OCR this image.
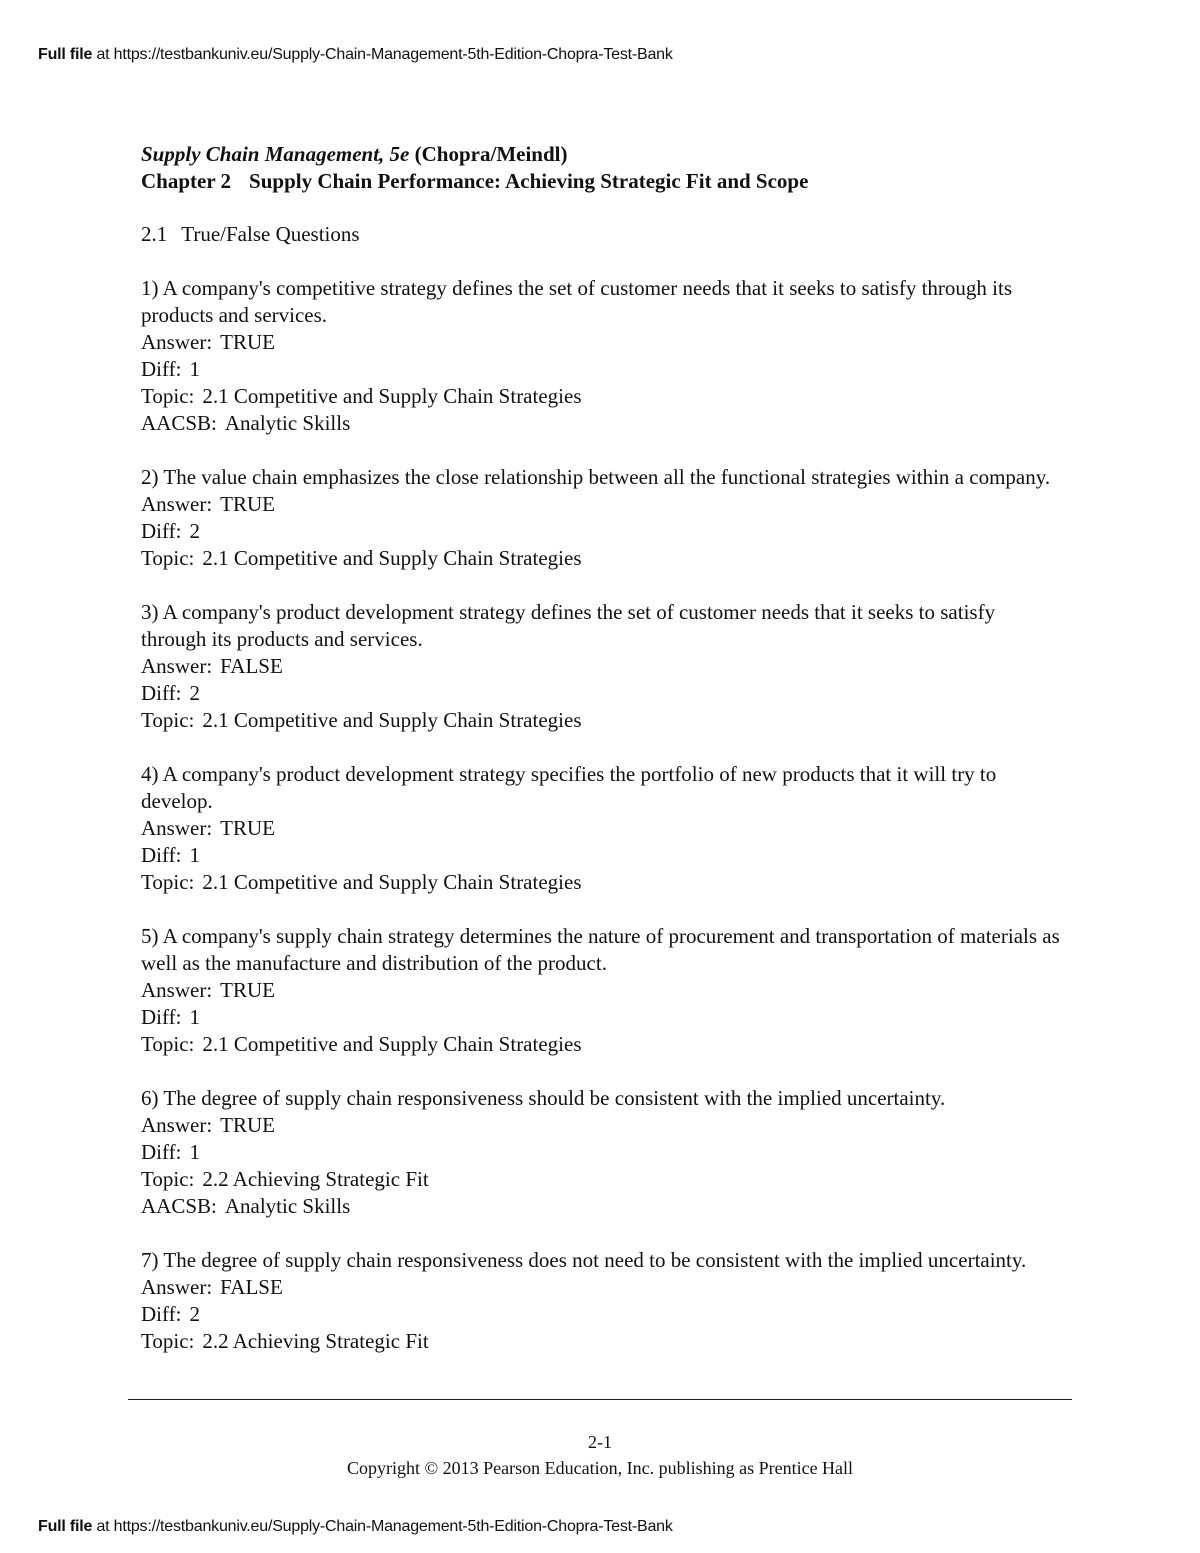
Full file at https://testbankuniv.eu/Supply-Chain-Management-5th-Edition-Chopra-Test-Bank
Supply Chain Management, 5e (Chopra/Meindl)
Chapter 2 Supply Chain Performance: Achieving Strategic Fit and Scope
2.1 True/False Questions
1) A company's competitive strategy defines the set of customer needs that it seeks to satisfy through its products and services.
Answer: TRUE
Diff: 1
Topic: 2.1 Competitive and Supply Chain Strategies
AACSB: Analytic Skills
2) The value chain emphasizes the close relationship between all the functional strategies within a company.
Answer: TRUE
Diff: 2
Topic: 2.1 Competitive and Supply Chain Strategies
3) A company's product development strategy defines the set of customer needs that it seeks to satisfy through its products and services.
Answer: FALSE
Diff: 2
Topic: 2.1 Competitive and Supply Chain Strategies
4) A company's product development strategy specifies the portfolio of new products that it will try to develop.
Answer: TRUE
Diff: 1
Topic: 2.1 Competitive and Supply Chain Strategies
5) A company's supply chain strategy determines the nature of procurement and transportation of materials as well as the manufacture and distribution of the product.
Answer: TRUE
Diff: 1
Topic: 2.1 Competitive and Supply Chain Strategies
6) The degree of supply chain responsiveness should be consistent with the implied uncertainty.
Answer: TRUE
Diff: 1
Topic: 2.2 Achieving Strategic Fit
AACSB: Analytic Skills
7) The degree of supply chain responsiveness does not need to be consistent with the implied uncertainty.
Answer: FALSE
Diff: 2
Topic: 2.2 Achieving Strategic Fit
2-1
Copyright © 2013 Pearson Education, Inc. publishing as Prentice Hall
Full file at https://testbankuniv.eu/Supply-Chain-Management-5th-Edition-Chopra-Test-Bank
